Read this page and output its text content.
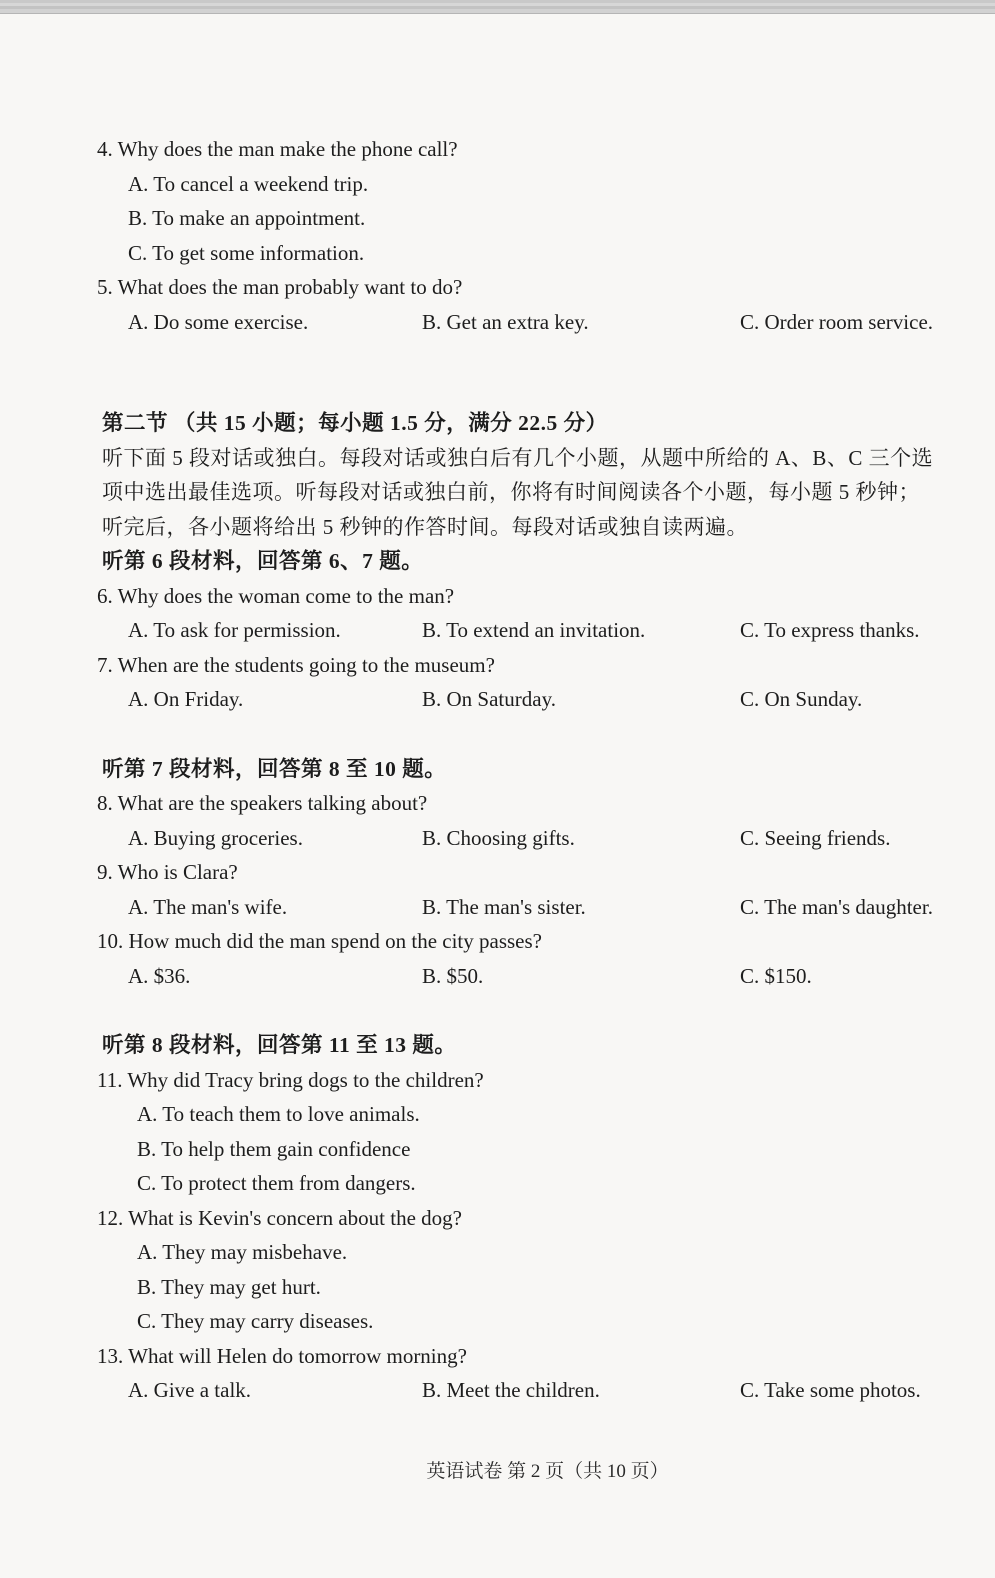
4. Why does the man make the phone call?
A. To cancel a weekend trip.
B. To make an appointment.
C. To get some information.
5. What does the man probably want to do?
A. Do some exercise.	B. Get an extra key.	C. Order room service.
第二节 （共 15 小题；每小题 1.5 分，满分 22.5 分）
听下面 5 段对话或独白。每段对话或独白后有几个小题，从题中所给的 A、B、C 三个选
项中选出最佳选项。听每段对话或独白前，你将有时间阅读各个小题，每小题 5 秒钟；
听完后，各小题将给出 5 秒钟的作答时间。每段对话或独自读两遍。
听第 6 段材料，回答第 6、7 题。
6. Why does the woman come to the man?
A. To ask for permission.	B. To extend an invitation.	C. To express thanks.
7. When are the students going to the museum?
A. On Friday.	B. On Saturday.	C. On Sunday.
听第 7 段材料，回答第 8 至 10 题。
8. What are the speakers talking about?
A. Buying groceries.	B. Choosing gifts.	C. Seeing friends.
9. Who is Clara?
A. The man's wife.	B. The man's sister.	C. The man's daughter.
10. How much did the man spend on the city passes?
A. $36.	B. $50.	C. $150.
听第 8 段材料，回答第 11 至 13 题。
11. Why did Tracy bring dogs to the children?
A. To teach them to love animals.
B. To help them gain confidence
C. To protect them from dangers.
12. What is Kevin's concern about the dog?
A. They may misbehave.
B. They may get hurt.
C. They may carry diseases.
13. What will Helen do tomorrow morning?
A. Give a talk.	B. Meet the children.	C. Take some photos.
英语试卷 第 2 页（共 10 页）
